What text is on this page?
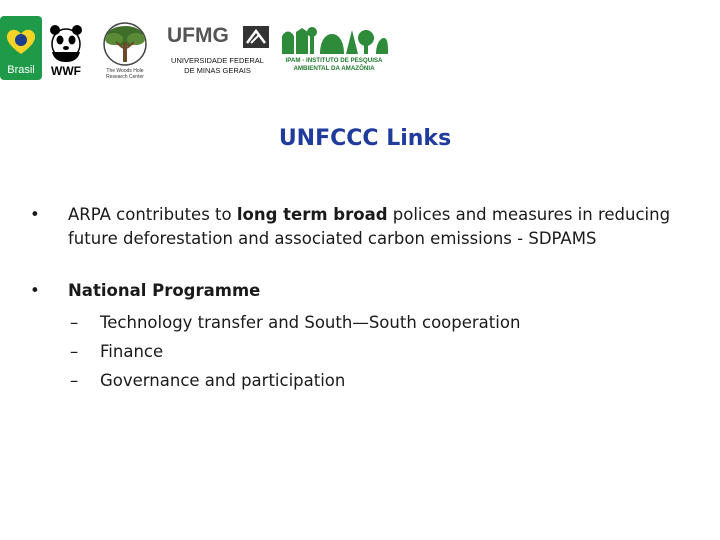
Brasil	WWF	The Woods Hole
Research Center
UFMG
UNIVERSIDADE FEDERAL
DE MINAS GERAIS
IPAM - INSTITUTO DE PESQUISA
AMBIENTAL DA AMAZÔNIA
UNFCCC Links
•	ARPA contributes to long term broad polices and measures in reducing future deforestation and associated carbon emissions - SDPAMS
•	National Programme
–	Technology transfer and South—South cooperation
–	Finance
–	Governance and participation
